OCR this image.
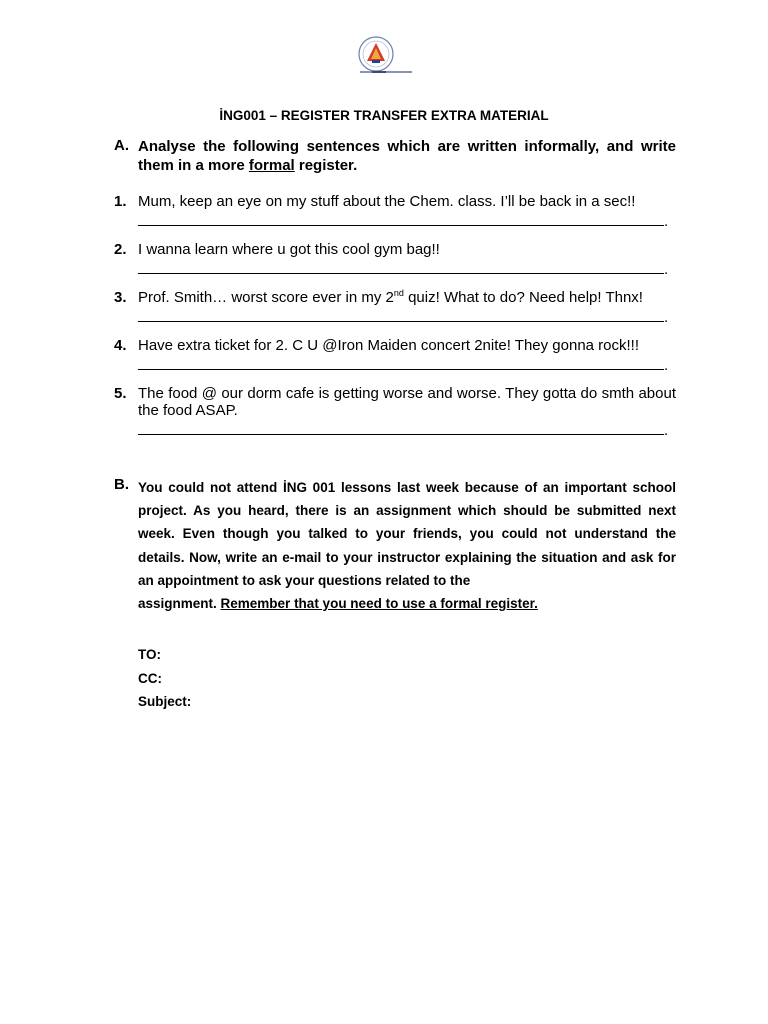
İNG001 – REGISTER TRANSFER EXTRA MATERIAL
A. Analyse the following sentences which are written informally, and write them in a more formal register.
1. Mum, keep an eye on my stuff about the Chem. class. I’ll be back in a sec!!
.
2. I wanna learn where u got this cool gym bag!!
.
3. Prof. Smith… worst score ever in my 2nd quiz! What to do? Need help! Thnx!
.
4. Have extra ticket for 2. C U @Iron Maiden concert 2nite! They gonna rock!!!
.
5. The food @ our dorm cafe is getting worse and worse. They gotta do smth about the food ASAP.
.
B. You could not attend İNG 001 lessons last week because of an important school project. As you heard, there is an assignment which should be submitted next week. Even though you talked to your friends, you could not understand the details. Now, write an e-mail to your instructor explaining the situation and ask for an appointment to ask your questions related to the
assignment. Remember that you need to use a formal register.
TO:
CC:
Subject:
